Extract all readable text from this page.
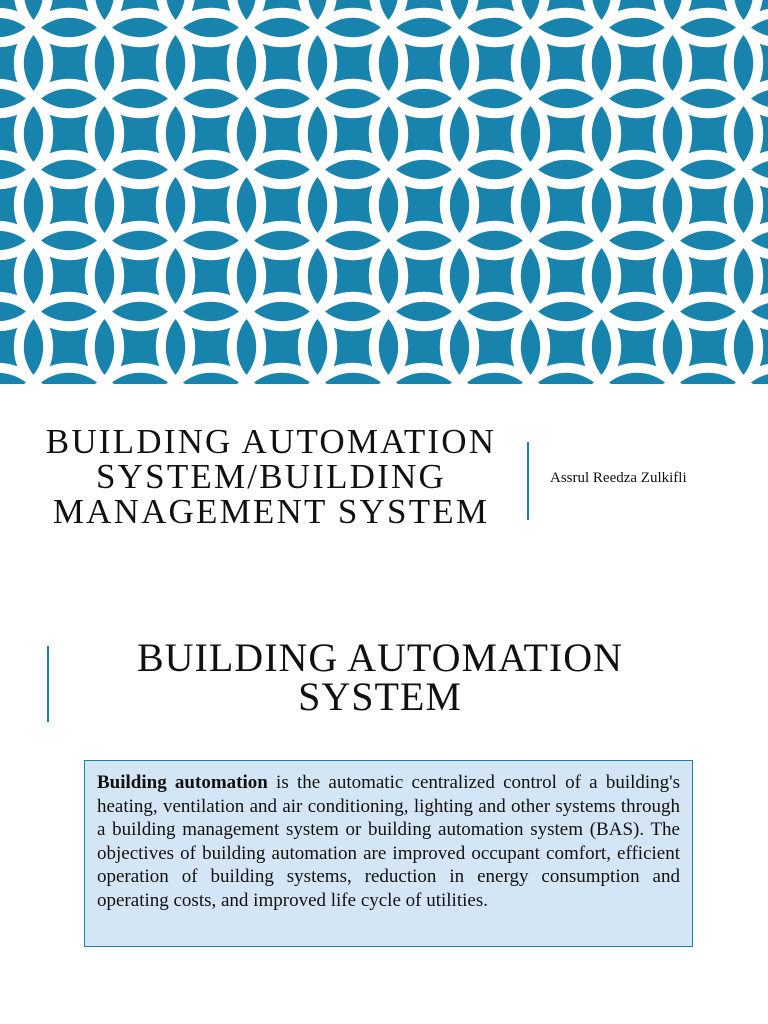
BUILDING AUTOMATION
SYSTEM/BUILDING
MANAGEMENT SYSTEM
Assrul Reedza Zulkifli
BUILDING AUTOMATION
SYSTEM
Building automation is the automatic centralized control of a building's heating, ventilation and air conditioning, lighting and other systems through a building management system or building automation system (BAS). The objectives of building automation are improved occupant comfort, efficient operation of building systems, reduction in energy consumption and operating costs, and improved life cycle of utilities.
